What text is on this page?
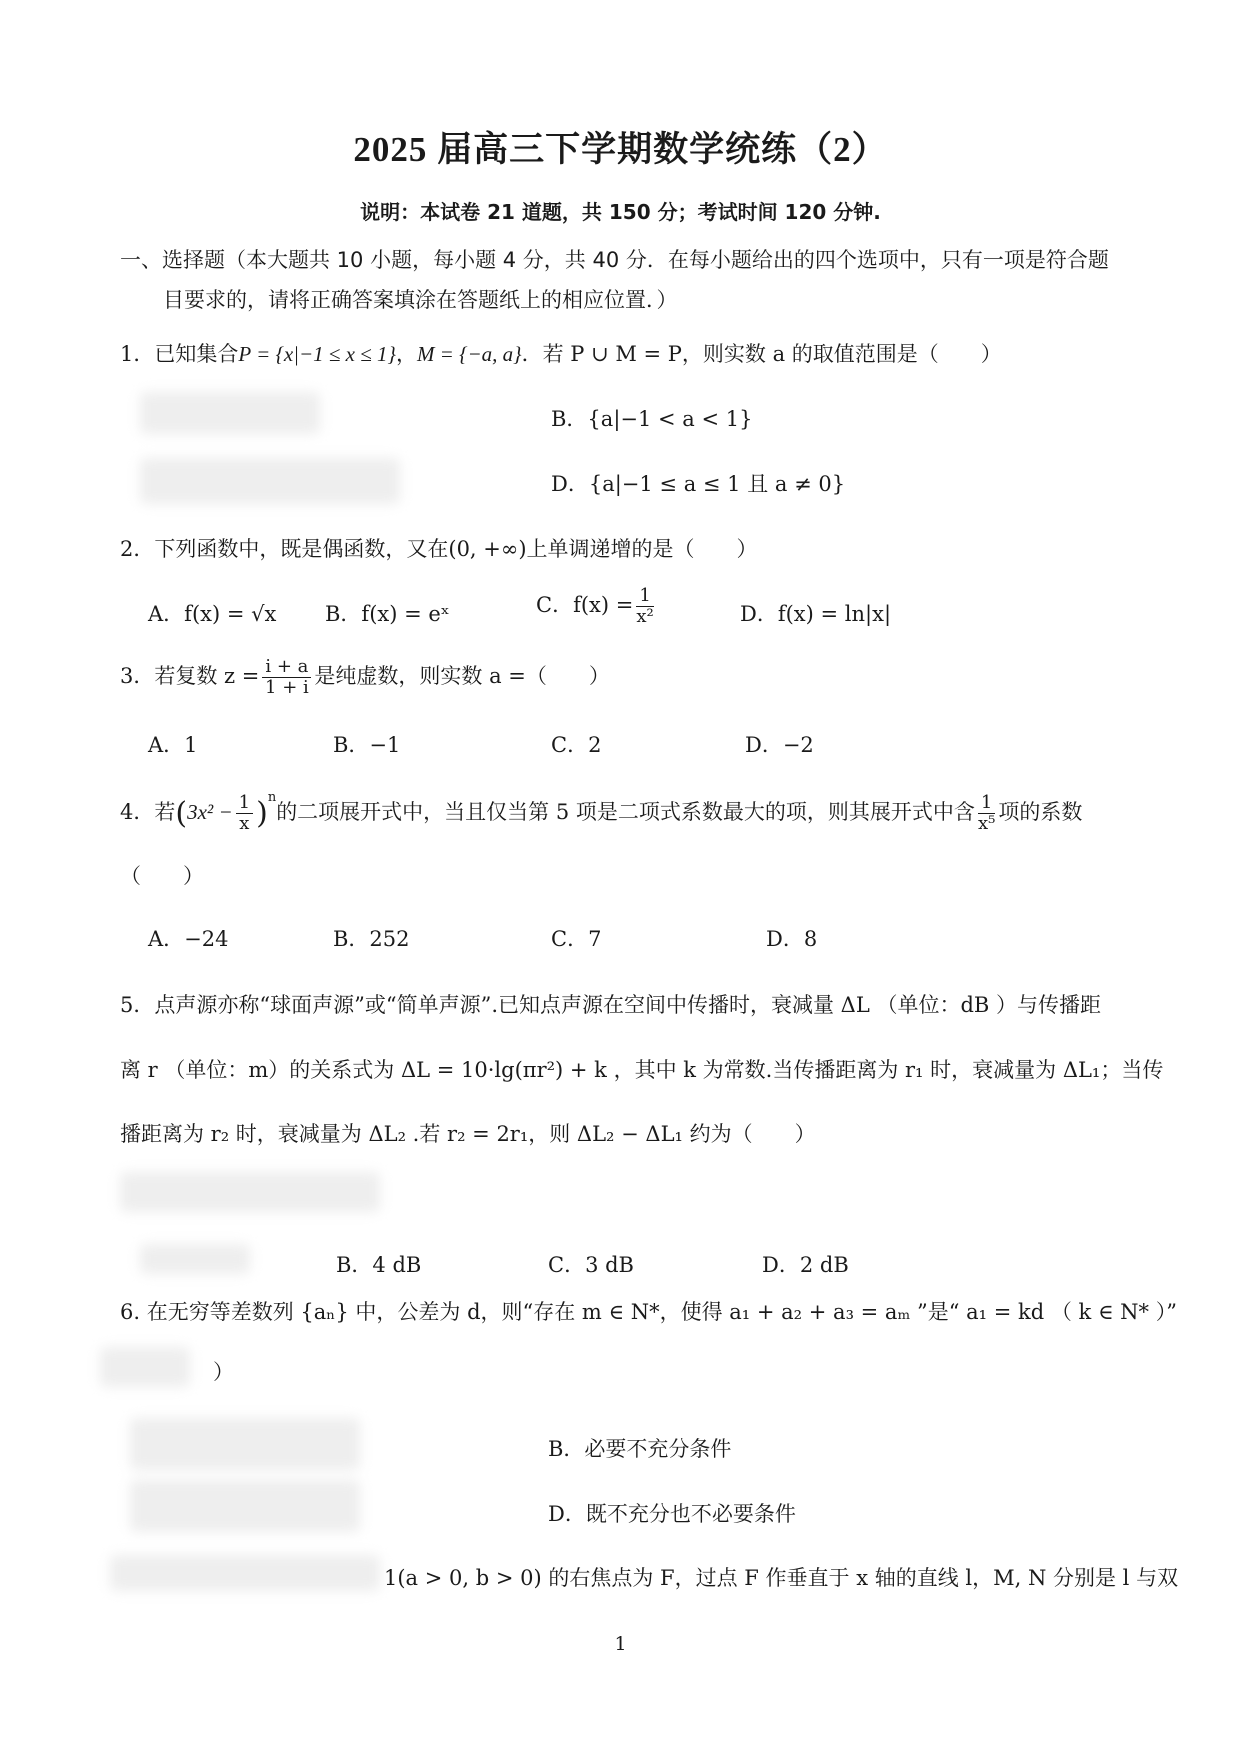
2025 届高三下学期数学统练（2）
说明：本试卷 21 道题，共 150 分；考试时间 120 分钟.
一、选择题（本大题共 10 小题，每小题 4 分，共 40 分．在每小题给出的四个选项中，只有一项是符合题
目要求的，请将正确答案填涂在答题纸上的相应位置．）
1．已知集合P = {x|−1 ≤ x ≤ 1}，M = {−a, a}．若 P ∪ M = P，则实数 a 的取值范围是（　　）
B．{a|−1 < a < 1}
D．{a|−1 ≤ a ≤ 1 且 a ≠ 0}
2．下列函数中，既是偶函数，又在(0, +∞)上单调递增的是（　　）
A．f(x) = √x B．f(x) = eˣ	C．$f(x) = \frac{1}{\text{x²}}$	D．f(x) = ln|x|
3．若复数 $z = \frac{i + a}{1 + i}$ 是纯虚数，则实数 a =（　　）
A．1	B．−1	C．2	D．−2
4．若$(3x^2 - \frac{1}{x} )^n$的二项展开式中，当且仅当第 5 项是二项式系数最大的项，则其展开式中含 $\frac{1}{\text{x⁵}}$ 项的系数
（　　）
A．−24	B．252	C．7	D．8
5．点声源亦称“球面声源”或“简单声源”.已知点声源在空间中传播时，衰减量 ΔL （单位：dB ）与传播距
离 r （单位：m）的关系式为 ΔL = 10·lg(πr²) + k ，其中 k 为常数.当传播距离为 r₁ 时，衰减量为 ΔL₁；当传
播距离为 r₂ 时，衰减量为 ΔL₂ .若 r₂ = 2r₁，则 ΔL₂ − ΔL₁ 约为（　　）
B．4 dB	C．3 dB	D．2 dB
6. 在无穷等差数列 {aₙ} 中，公差为 d，则“存在 m ∈ N*，使得 a₁ + a₂ + a₃ = aₘ ”是“ a₁ = kd （ k ∈ N* ）”
）
B．必要不充分条件
D．既不充分也不必要条件
1(a > 0, b > 0) 的右焦点为 F，过点 F 作垂直于 x 轴的直线 l，M, N 分别是 l 与双
1
